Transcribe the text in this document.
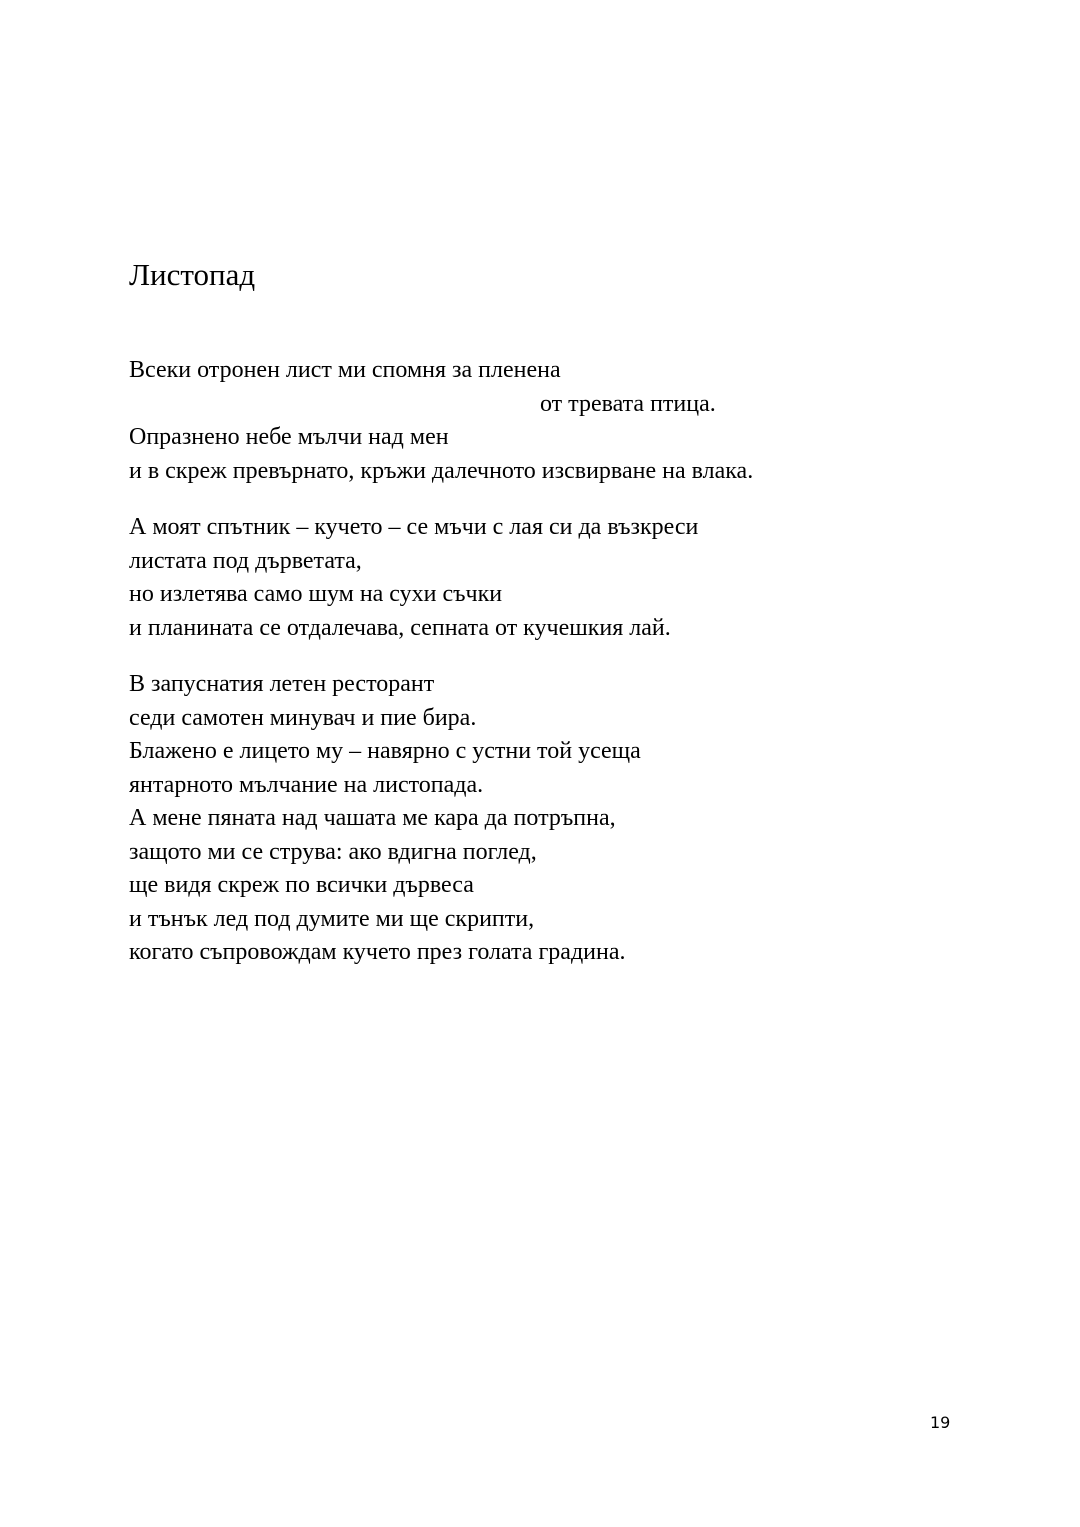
Листопад
Всеки отронен лист ми спомня за пленена
от тревата птица.
Опразнено небе мълчи над мен
и в скреж превърнато, кръжи далечното изсвирване на влака.
А моят спътник – кучето – се мъчи с лая си да възкреси
листата под дърветата,
но излетява само шум на сухи съчки
и планината се отдалечава, сепната от кучешкия лай.
В запуснатия летен ресторант
седи самотен минувач и пие бира.
Блажено е лицето му – навярно с устни той усеща
янтарното мълчание на листопада.
А мене пяната над чашата ме кара да потръпна,
защото ми се струва: ако вдигна поглед,
ще видя скреж по всички дървеса
и тънък лед под думите ми ще скрипти,
когато съпровождам кучето през голата градина.
19
